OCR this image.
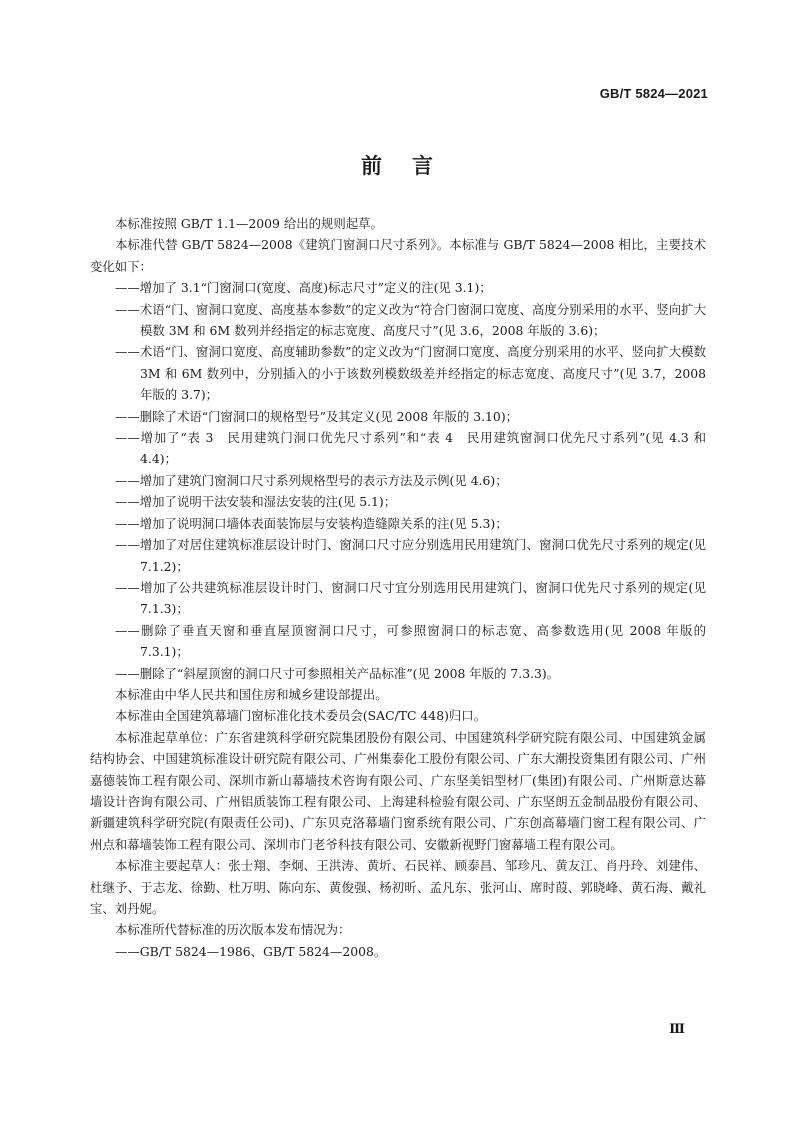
GB/T 5824—2021
前言

本标准按照 GB/T 1.1—2009 给出的规则起草。

本标准代替 GB/T 5824—2008《建筑门窗洞口尺寸系列》。本标准与 GB/T 5824—2008 相比，主要技术变化如下：

——增加了 3.1“门窗洞口(宽度、高度)标志尺寸”定义的注(见 3.1)；

——术语“门、窗洞口宽度、高度基本参数”的定义改为“符合门窗洞口宽度、高度分别采用的水平、竖向扩大模数 3M 和 6M 数列并经指定的标志宽度、高度尺寸”(见 3.6，2008 年版的 3.6)；

——术语“门、窗洞口宽度、高度辅助参数”的定义改为“门窗洞口宽度、高度分别采用的水平、竖向扩大模数 3M 和 6M 数列中，分别插入的小于该数列模数级差并经指定的标志宽度、高度尺寸”(见 3.7，2008 年版的 3.7)；

——删除了术语“门窗洞口的规格型号”及其定义(见 2008 年版的 3.10)；

——增加了“表 3　民用建筑门洞口优先尺寸系列”和“表 4　民用建筑窗洞口优先尺寸系列”(见 4.3 和 4.4)；

——增加了建筑门窗洞口尺寸系列规格型号的表示方法及示例(见 4.6)；

——增加了说明干法安装和湿法安装的注(见 5.1)；

——增加了说明洞口墙体表面装饰层与安装构造缝隙关系的注(见 5.3)；

——增加了对居住建筑标准层设计时门、窗洞口尺寸应分别选用民用建筑门、窗洞口优先尺寸系列的规定(见 7.1.2)；

——增加了公共建筑标准层设计时门、窗洞口尺寸宜分别选用民用建筑门、窗洞口优先尺寸系列的规定(见 7.1.3)；

——删除了垂直天窗和垂直屋顶窗洞口尺寸，可参照窗洞口的标志宽、高参数选用(见 2008 年版的 7.3.1)；

——删除了“斜屋顶窗的洞口尺寸可参照相关产品标准”(见 2008 年版的 7.3.3)。

本标准由中华人民共和国住房和城乡建设部提出。

本标准由全国建筑幕墙门窗标准化技术委员会(SAC/TC 448)归口。

本标准起草单位：广东省建筑科学研究院集团股份有限公司、中国建筑科学研究院有限公司、中国建筑金属结构协会、中国建筑标准设计研究院有限公司、广州集泰化工股份有限公司、广东大潮投资集团有限公司、广州嘉德装饰工程有限公司、深圳市新山幕墙技术咨询有限公司、广东坚美铝型材厂(集团)有限公司、广州斯意达幕墙设计咨询有限公司、广州铝质装饰工程有限公司、上海建科检验有限公司、广东坚朗五金制品股份有限公司、新疆建筑科学研究院(有限责任公司)、广东贝克洛幕墙门窗系统有限公司、广东创高幕墙门窗工程有限公司、广州点和幕墙装饰工程有限公司、深圳市门老爷科技有限公司、安徽新视野门窗幕墙工程有限公司。

本标准主要起草人：张士翔、李炯、王洪涛、黄圻、石民祥、顾泰昌、邹珍凡、黄友江、肖丹玲、刘建伟、杜继予、于志龙、徐勤、杜万明、陈向东、黄俊强、杨初昕、孟凡东、张河山、席时葭、郭晓峰、黄石海、戴礼宝、刘丹妮。

本标准所代替标准的历次版本发布情况为：

——GB/T 5824—1986、GB/T 5824—2008。

Ⅲ
